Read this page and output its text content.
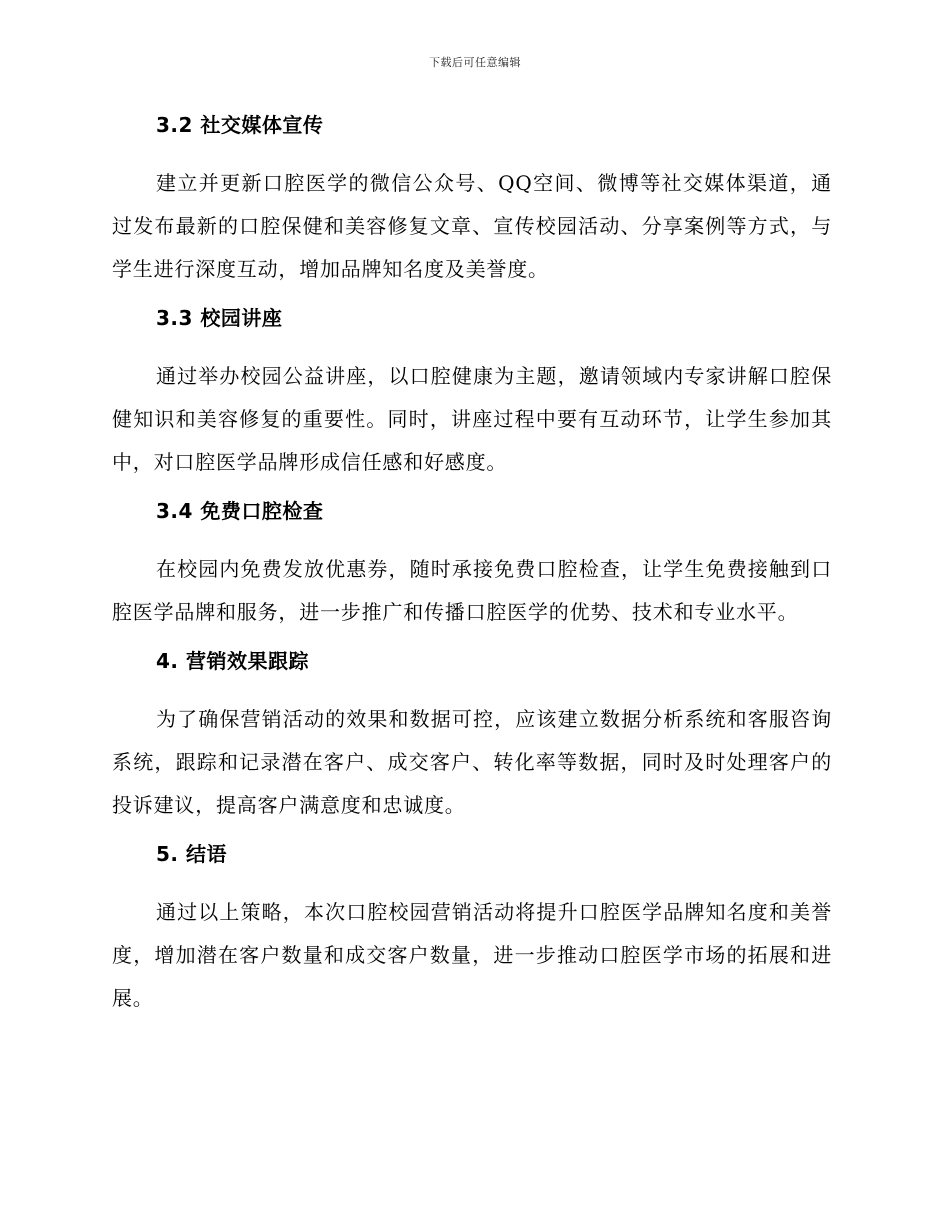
下载后可任意编辑
3.2 社交媒体宣传

建立并更新口腔医学的微信公众号、QQ空间、微博等社交媒体渠道，通过发布最新的口腔保健和美容修复文章、宣传校园活动、分享案例等方式，与学生进行深度互动，增加品牌知名度及美誉度。

3.3 校园讲座

通过举办校园公益讲座，以口腔健康为主题，邀请领域内专家讲解口腔保健知识和美容修复的重要性。同时，讲座过程中要有互动环节，让学生参加其中，对口腔医学品牌形成信任感和好感度。

3.4 免费口腔检查

在校园内免费发放优惠券，随时承接免费口腔检查，让学生免费接触到口腔医学品牌和服务，进一步推广和传播口腔医学的优势、技术和专业水平。

4. 营销效果跟踪

为了确保营销活动的效果和数据可控，应该建立数据分析系统和客服咨询系统，跟踪和记录潜在客户、成交客户、转化率等数据，同时及时处理客户的投诉建议，提高客户满意度和忠诚度。

5. 结语

通过以上策略，本次口腔校园营销活动将提升口腔医学品牌知名度和美誉度，增加潜在客户数量和成交客户数量，进一步推动口腔医学市场的拓展和进展。
